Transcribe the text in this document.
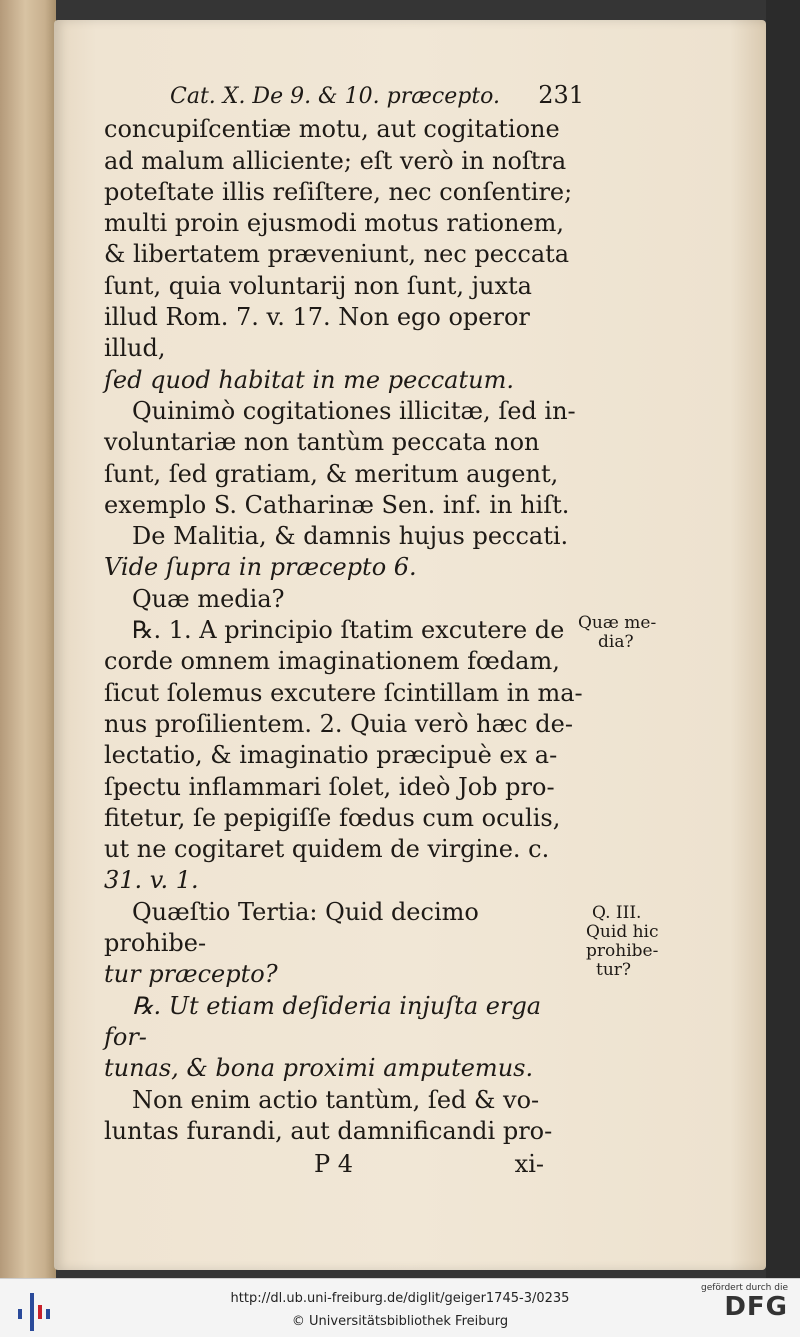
Cat. X. De 9. & 10. præcepto. 231

concupiſcentiæ motu, aut cogitatione

ad malum alliciente; eſt verò in noſtra

poteſtate illis reſiſtere, nec conſentire;

multi proin ejusmodi motus rationem,

& libertatem præveniunt, nec peccata

ſunt, quia voluntarij non ſunt, juxta

illud Rom. 7. v. 17. Non ego operor illud,

ſed quod habitat in me peccatum.

Quinimò cogitationes illicitæ, ſed in-

voluntariæ non tantùm peccata non

ſunt, ſed gratiam, & meritum augent,

exemplo S. Catharinæ Sen. inf. in hiſt.

De Malitia, & damnis hujus peccati.

Vide ſupra in præcepto 6.

Quæ media?

℞. 1. A principio ſtatim excutere de

corde omnem imaginationem fœdam,

ſicut ſolemus excutere ſcintillam in ma-

nus proſilientem. 2. Quia verò hæc de-

lectatio, & imaginatio præcipuè ex a-

ſpectu inflammari ſolet, ideò Job pro-

fitetur, ſe pepigiſſe fœdus cum oculis,

ut ne cogitaret quidem de virgine. c.

31. v. 1.

Quæſtio Tertia: Quid decimo prohibe-

tur præcepto?

℞. Ut etiam deſideria injuſta erga for-

tunas, & bona proximi amputemus.

Non enim actio tantùm, ſed & vo-

luntas furandi, aut damnificandi pro-

P 4	xi-
Quæ me-
dia?
Q. III.
Quid hic
prohibe-
tur?
http://dl.ub.uni-freiburg.de/diglit/geiger1745-3/0235
© Universitätsbibliothek Freiburg
gefördert durch die
DFG
